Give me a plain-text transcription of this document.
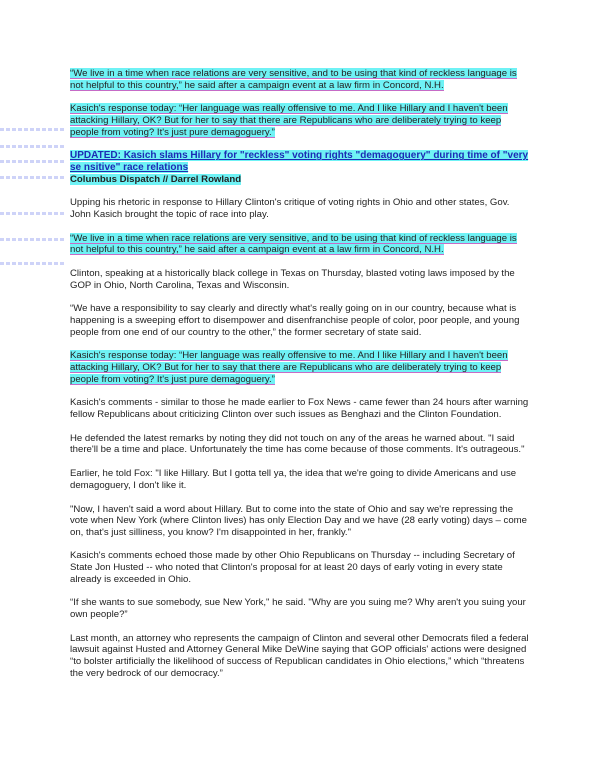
“We live in a time when race relations are very sensitive, and to be using that kind of reckless language is not helpful to this country,” he said after a campaign event at a law firm in Concord, N.H.

Kasich's response today: “Her language was really offensive to me. And I like Hillary and I haven't been attacking Hillary, OK? But for her to say that there are Republicans who are deliberately trying to keep people from voting? It's just pure demagoguery.”

UPDATED: Kasich slams Hillary for "reckless" voting rights "demagoguery" during time of "very se nsitive" race relations
Columbus Dispatch // Darrel Rowland

Upping his rhetoric in response to Hillary Clinton's critique of voting rights in Ohio and other states, Gov. John Kasich brought the topic of race into play.

“We live in a time when race relations are very sensitive, and to be using that kind of reckless language is not helpful to this country,” he said after a campaign event at a law firm in Concord, N.H.

Clinton, speaking at a historically black college in Texas on Thursday, blasted voting laws imposed by the GOP in Ohio, North Carolina, Texas and Wisconsin.

“We have a responsibility to say clearly and directly what's really going on in our country, because what is happening is a sweeping effort to disempower and disenfranchise people of color, poor people, and young people from one end of our country to the other,” the former secretary of state said.

Kasich's response today: “Her language was really offensive to me. And I like Hillary and I haven't been attacking Hillary, OK? But for her to say that there are Republicans who are deliberately trying to keep people from voting? It's just pure demagoguery.”

Kasich's comments - similar to those he made earlier to Fox News - came fewer than 24 hours after warning fellow Republicans about criticizing Clinton over such issues as Benghazi and the Clinton Foundation.

He defended the latest remarks by noting they did not touch on any of the areas he warned about. "I said there'll be a time and place. Unfortunately the time has come because of those comments. It's outrageous."

Earlier, he told Fox: "I like Hillary. But I gotta tell ya, the idea that we're going to divide Americans and use demagoguery, I don't like it.

"Now, I haven't said a word about Hillary. But to come into the state of Ohio and say we're repressing the vote when New York (where Clinton lives) has only Election Day and we have (28 early voting) days – come on, that's just silliness, you know? I'm disappointed in her, frankly."

Kasich's comments echoed those made by other Ohio Republicans on Thursday -- including Secretary of State Jon Husted -- who noted that Clinton's proposal for at least 20 days of early voting in every state already is exceeded in Ohio.

“If she wants to sue somebody, sue New York," he said. "Why are you suing me? Why aren't you suing your own people?”

Last month, an attorney who represents the campaign of Clinton and several other Democrats filed a federal lawsuit against Husted and Attorney General Mike DeWine saying that GOP officials' actions were designed “to bolster artificially the likelihood of success of Republican candidates in Ohio elections,” which “threatens the very bedrock of our democracy.”
